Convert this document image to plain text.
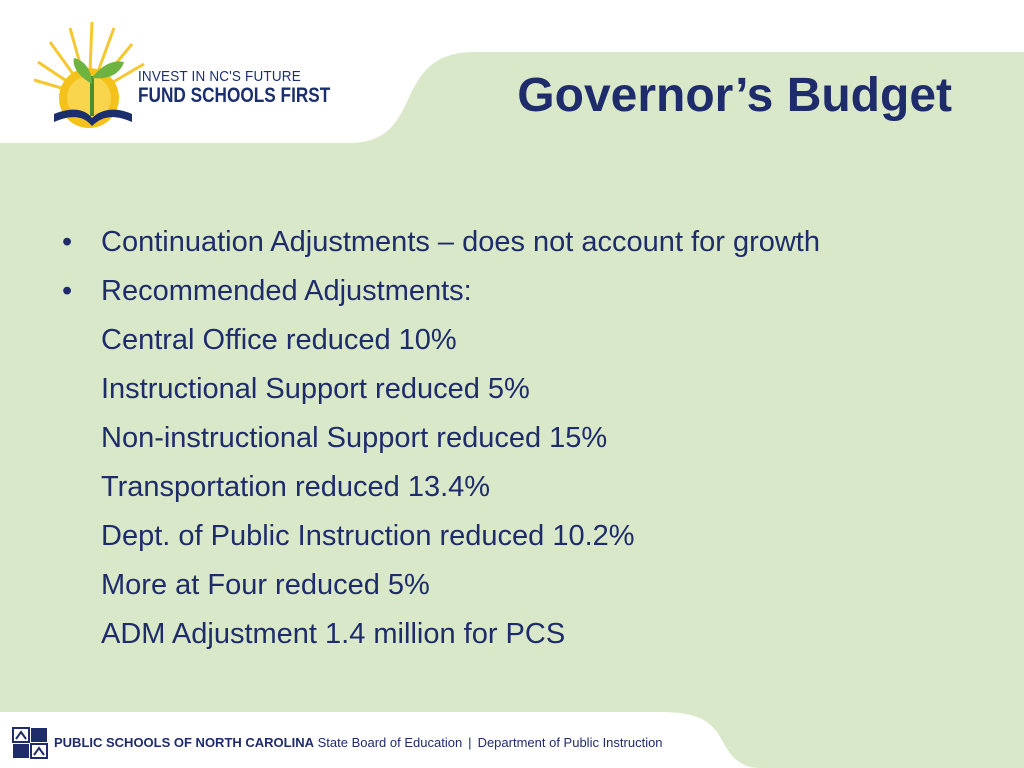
INVEST IN NC'S FUTURE
FUND SCHOOLS FIRST	Governor’s Budget
• Continuation Adjustments – does not account for growth
• Recommended Adjustments:
Central Office reduced 10%
Instructional Support reduced 5%
Non-instructional Support reduced 15%
Transportation reduced 13.4%
Dept. of Public Instruction reduced 10.2%
More at Four reduced 5%
ADM Adjustment 1.4 million for PCS
PUBLIC SCHOOLS OF NORTH CAROLINA State Board of Education | Department of Public Instruction
